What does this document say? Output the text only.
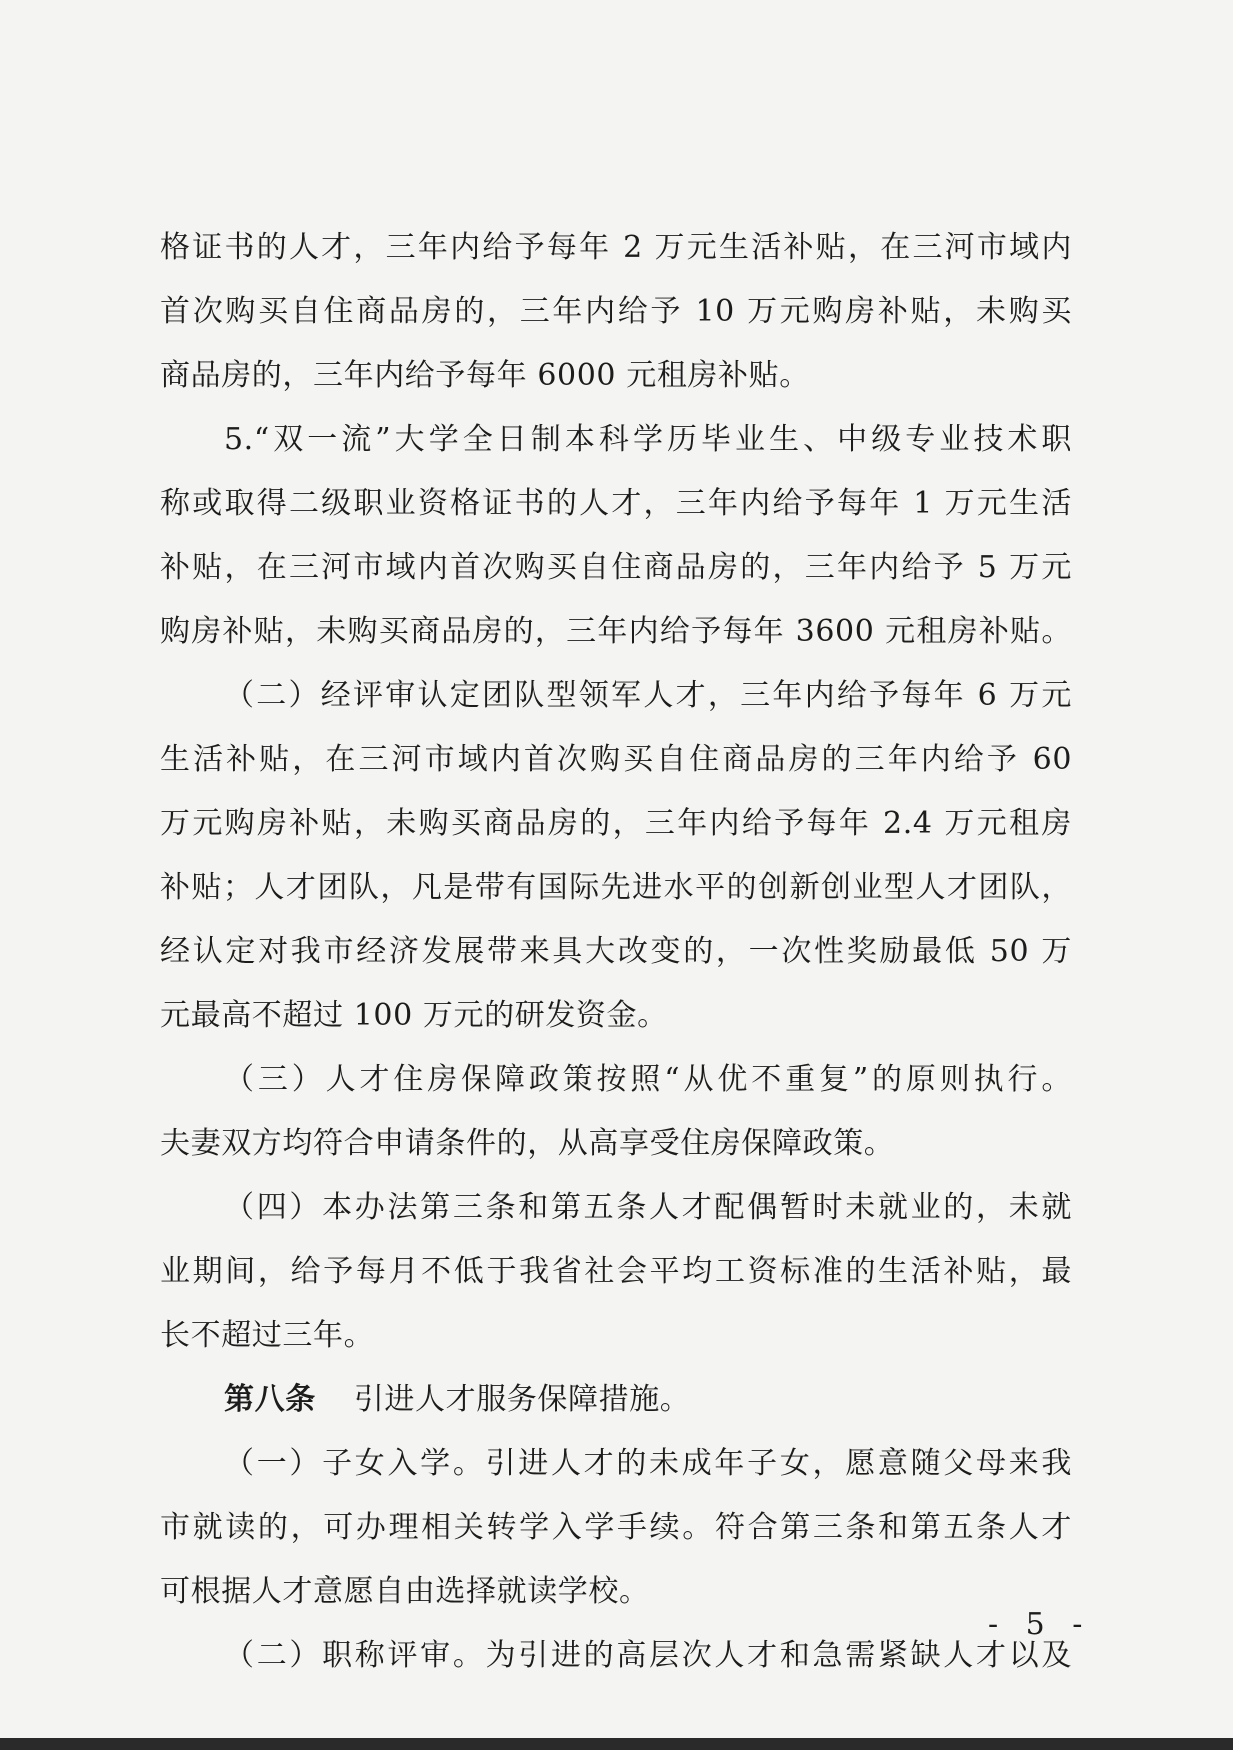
格证书的人才，三年内给予每年 2 万元生活补贴，在三河市域内
首次购买自住商品房的，三年内给予 10 万元购房补贴，未购买
商品房的，三年内给予每年 6000 元租房补贴。
5.“双一流”大学全日制本科学历毕业生、中级专业技术职
称或取得二级职业资格证书的人才，三年内给予每年 1 万元生活
补贴，在三河市域内首次购买自住商品房的，三年内给予 5 万元
购房补贴，未购买商品房的，三年内给予每年 3600 元租房补贴。
（二）经评审认定团队型领军人才，三年内给予每年 6 万元
生活补贴，在三河市域内首次购买自住商品房的三年内给予 60
万元购房补贴，未购买商品房的，三年内给予每年 2.4 万元租房
补贴；人才团队，凡是带有国际先进水平的创新创业型人才团队，
经认定对我市经济发展带来具大改变的，一次性奖励最低 50 万
元最高不超过 100 万元的研发资金。
（三）人才住房保障政策按照“从优不重复”的原则执行。
夫妻双方均符合申请条件的，从高享受住房保障政策。
（四）本办法第三条和第五条人才配偶暂时未就业的，未就
业期间，给予每月不低于我省社会平均工资标准的生活补贴，最
长不超过三年。
第八条 引进人才服务保障措施。
（一）子女入学。引进人才的未成年子女，愿意随父母来我
市就读的，可办理相关转学入学手续。符合第三条和第五条人才
可根据人才意愿自由选择就读学校。
（二）职称评审。为引进的高层次人才和急需紧缺人才以及
- 5 -
